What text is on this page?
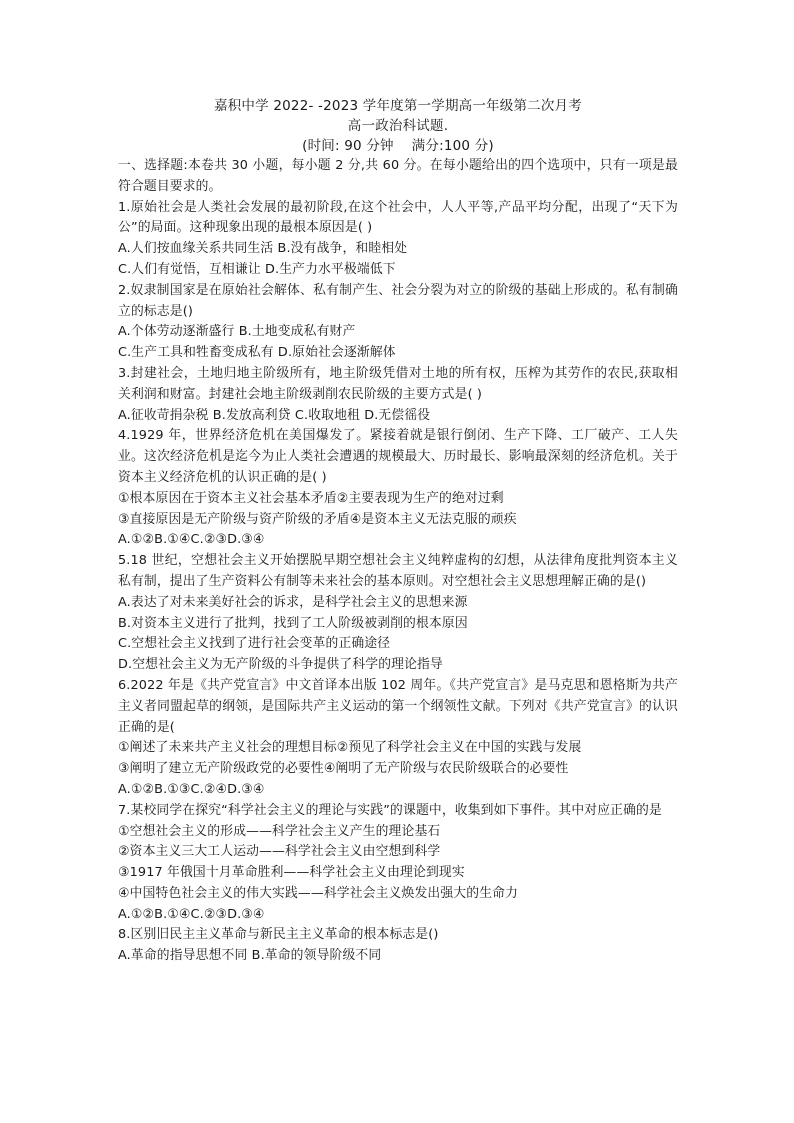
嘉积中学 2022- -2023 学年度第一学期高一年级第二次月考
高一政治科试题.
(时间: 90 分钟    满分:100 分)
一、选择题:本卷共 30 小题，每小题 2 分,共 60 分。在每小题给出的四个选项中，只有一项是最符合题目要求的。
1.原始社会是人类社会发展的最初阶段,在这个社会中，人人平等,产品平均分配，出现了“天下为公”的局面。这种现象出现的最根本原因是( )
A.人们按血缘关系共同生活 B.没有战争，和睦相处
C.人们有觉悟，互相谦让 D.生产力水平极端低下
2.奴隶制国家是在原始社会解体、私有制产生、社会分裂为对立的阶级的基础上形成的。私有制确立的标志是()
A.个体劳动逐渐盛行 B.土地变成私有财产
C.生产工具和牲畜变成私有 D.原始社会逐渐解体
3.封建社会，土地归地主阶级所有，地主阶级凭借对土地的所有权，压榨为其劳作的农民,获取相关利润和财富。封建社会地主阶级剥削农民阶级的主要方式是( )
A.征收苛捐杂税 B.发放高利贷 C.收取地租 D.无偿徭役
4.1929 年，世界经济危机在美国爆发了。紧接着就是银行倒闭、生产下降、工厂破产、工人失业。这次经济危机是迄今为止人类社会遭遇的规模最大、历时最长、影响最深刻的经济危机。关于资本主义经济危机的认识正确的是( )
①根本原因在于资本主义社会基本矛盾②主要表现为生产的绝对过剩
③直接原因是无产阶级与资产阶级的矛盾④是资本主义无法克服的顽疾
A.①②B.①④C.②③D.③④
5.18 世纪，空想社会主义开始摆脱早期空想社会主义纯粹虚构的幻想，从法律角度批判资本主义私有制，提出了生产资料公有制等未来社会的基本原则。对空想社会主义思想理解正确的是()
A.表达了对未来美好社会的诉求，是科学社会主义的思想来源
B.对资本主义进行了批判，找到了工人阶级被剥削的根本原因
C.空想社会主义找到了进行社会变革的正确途径
D.空想社会主义为无产阶级的斗争提供了科学的理论指导
6.2022 年是《共产党宣言》中文首译本出版 102 周年。《共产党宣言》是马克思和恩格斯为共产主义者同盟起草的纲领，是国际共产主义运动的第一个纲领性文献。下列对《共产党宣言》的认识正确的是(
①阐述了未来共产主义社会的理想目标②预见了科学社会主义在中国的实践与发展
③阐明了建立无产阶级政党的必要性④阐明了无产阶级与农民阶级联合的必要性
A.①②B.①③C.②④D.③④
7.某校同学在探究“科学社会主义的理论与实践”的课题中，收集到如下事件。其中对应正确的是
①空想社会主义的形成——科学社会主义产生的理论基石
②资本主义三大工人运动——科学社会主义由空想到科学
③1917 年俄国十月革命胜利——科学社会主义由理论到现实
④中国特色社会主义的伟大实践——科学社会主义焕发出强大的生命力
A.①②B.①④C.②③D.③④
8.区别旧民主主义革命与新民主主义革命的根本标志是()
A.革命的指导思想不同 B.革命的领导阶级不同
